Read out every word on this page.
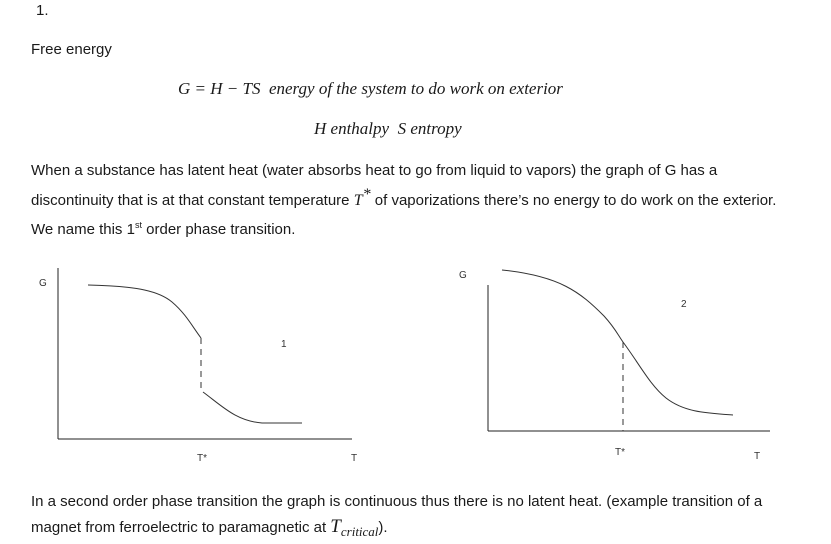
1.
Free energy
G = H − TS  energy of the system to do work on exterior
H enthalpy  S entropy
When a substance has latent heat (water absorbs heat to go from liquid to vapors) the graph of G has a discontinuity that is at that constant temperature T* of vaporizations there’s no energy to do work on the exterior. We name this 1st order phase transition.
G
T
T*
1
G
T
T*
2
In a second order phase transition the graph is continuous thus there is no latent heat. (example transition of a magnet from ferroelectric to paramagnetic at $T_{critical}$).
